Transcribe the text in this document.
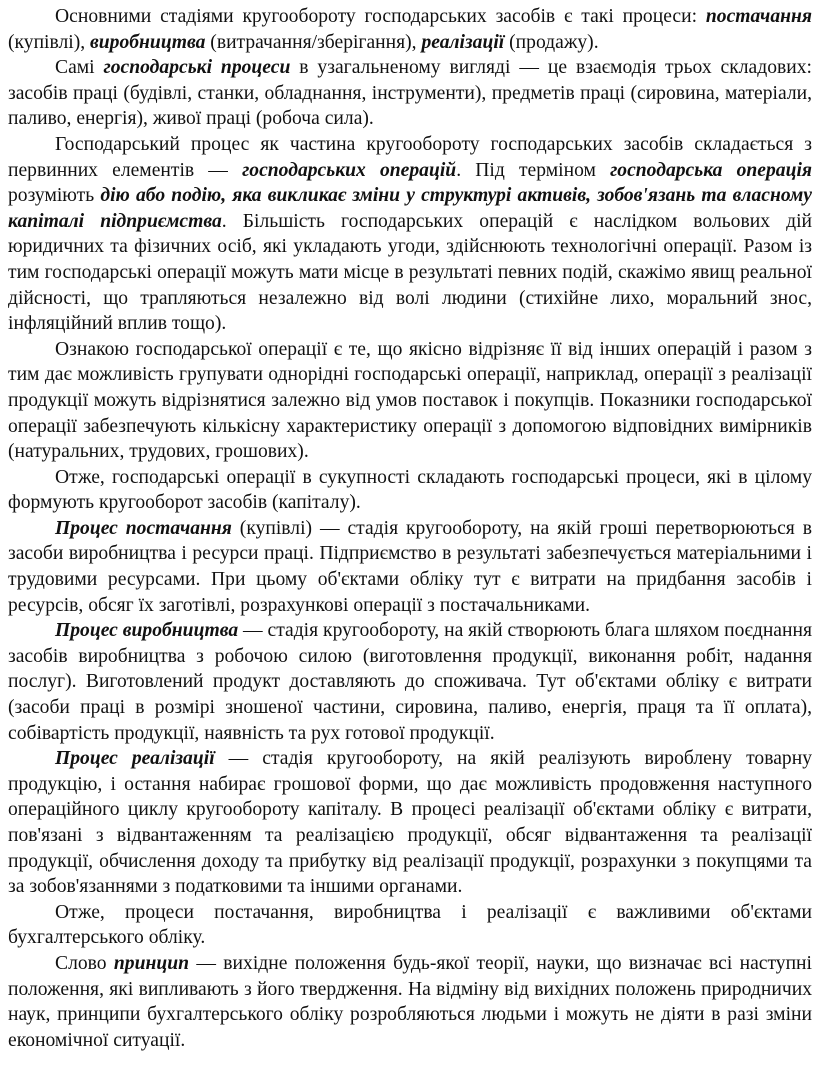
Основними стадіями кругообороту господарських засобів є такі процеси: постачання (купівлі), виробництва (витрачання/зберігання), реалізації (продажу).

Самі господарські процеси в узагальненому вигляді — це взаємодія трьох складових: засобів праці (будівлі, станки, обладнання, інструменти), предметів праці (сировина, матеріали, паливо, енергія), живої праці (робоча сила).

Господарський процес як частина кругообороту господарських засобів складається з первинних елементів — господарських операцій. Під терміном господарська операція розуміють дію або подію, яка викликає зміни у структурі активів, зобов'язань та власному капіталі підприємства. Більшість господарських операцій є наслідком вольових дій юридичних та фізичних осіб, які укладають угоди, здійснюють технологічні операції. Разом із тим господарські операції можуть мати місце в результаті певних подій, скажімо явищ реальної дійсності, що трапляються незалежно від волі людини (стихійне лихо, моральний знос, інфляційний вплив тощо).

Ознакою господарської операції є те, що якісно відрізняє її від інших операцій і разом з тим дає можливість групувати однорідні господарські операції, наприклад, операції з реалізації продукції можуть відрізнятися залежно від умов поставок і покупців. Показники господарської операції забезпечують кількісну характеристику операції з допомогою відповідних вимірників (натуральних, трудових, грошових).

Отже, господарські операції в сукупності складають господарські процеси, які в цілому формують кругооборот засобів (капіталу).

Процес постачання (купівлі) — стадія кругообороту, на якій гроші перетворюються в засоби виробництва і ресурси праці. Підприємство в результаті забезпечується матеріальними і трудовими ресурсами. При цьому об'єктами обліку тут є витрати на придбання засобів і ресурсів, обсяг їх заготівлі, розрахункові операції з постачальниками.

Процес виробництва — стадія кругообороту, на якій створюють блага шляхом поєднання засобів виробництва з робочою силою (виготовлення продукції, виконання робіт, надання послуг). Виготовлений продукт доставляють до споживача. Тут об'єктами обліку є витрати (засоби праці в розмірі зношеної частини, сировина, паливо, енергія, праця та її оплата), собівартість продукції, наявність та рух готової продукції.

Процес реалізації — стадія кругообороту, на якій реалізують вироблену товарну продукцію, і остання набирає грошової форми, що дає можливість продовження наступного операційного циклу кругообороту капіталу. В процесі реалізації об'єктами обліку є витрати, пов'язані з відвантаженням та реалізацією продукції, обсяг відвантаження та реалізації продукції, обчислення доходу та прибутку від реалізації продукції, розрахунки з покупцями та за зобов'язаннями з податковими та іншими органами.

Отже, процеси постачання, виробництва і реалізації є важливими об'єктами бухгалтерського обліку.

Слово принцип — вихідне положення будь-якої теорії, науки, що визначає всі наступні положення, які випливають з його твердження. На відміну від вихідних положень природничих наук, принципи бухгалтерського обліку розробляються людьми і можуть не діяти в разі зміни економічної ситуації.
